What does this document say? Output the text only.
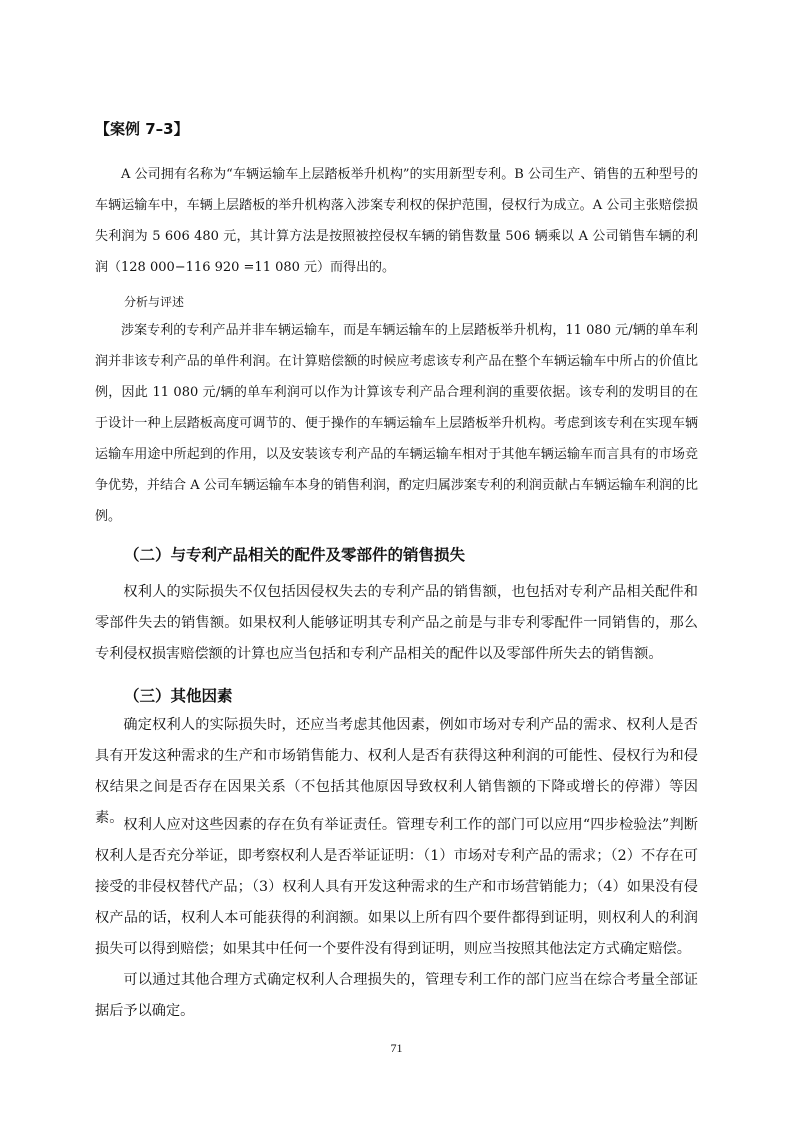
【案例 7–3】

A 公司拥有名称为“车辆运输车上层踏板举升机构”的实用新型专利。B 公司生产、销售的五种型号的车辆运输车中，车辆上层踏板的举升机构落入涉案专利权的保护范围，侵权行为成立。A 公司主张赔偿损失利润为 5 606 480 元，其计算方法是按照被控侵权车辆的销售数量 506 辆乘以 A 公司销售车辆的利润（128 000−116 920 =11 080 元）而得出的。

分析与评述

涉案专利的专利产品并非车辆运输车，而是车辆运输车的上层踏板举升机构，11 080 元/辆的单车利润并非该专利产品的单件利润。在计算赔偿额的时候应考虑该专利产品在整个车辆运输车中所占的价值比例，因此 11 080 元/辆的单车利润可以作为计算该专利产品合理利润的重要依据。该专利的发明目的在于设计一种上层踏板高度可调节的、便于操作的车辆运输车上层踏板举升机构。考虑到该专利在实现车辆运输车用途中所起到的作用，以及安装该专利产品的车辆运输车相对于其他车辆运输车而言具有的市场竞争优势，并结合 A 公司车辆运输车本身的销售利润，酌定归属涉案专利的利润贡献占车辆运输车利润的比例。

（二）与专利产品相关的配件及零部件的销售损失

权利人的实际损失不仅包括因侵权失去的专利产品的销售额，也包括对专利产品相关配件和零部件失去的销售额。如果权利人能够证明其专利产品之前是与非专利零配件一同销售的，那么专利侵权损害赔偿额的计算也应当包括和专利产品相关的配件以及零部件所失去的销售额。

（三）其他因素

确定权利人的实际损失时，还应当考虑其他因素，例如市场对专利产品的需求、权利人是否具有开发这种需求的生产和市场销售能力、权利人是否有获得这种利润的可能性、侵权行为和侵权结果之间是否存在因果关系（不包括其他原因导致权利人销售额的下降或增长的停滞）等因素。 权利人应对这些因素的存在负有举证责任。管理专利工作的部门可以应用“四步检验法”判断权利人是否充分举证，即考察权利人是否举证证明：（1）市场对专利产品的需求；（2）不存在可接受的非侵权替代产品；（3）权利人具有开发这种需求的生产和市场营销能力；（4）如果没有侵权产品的话，权利人本可能获得的利润额。如果以上所有四个要件都得到证明，则权利人的利润损失可以得到赔偿；如果其中任何一个要件没有得到证明，则应当按照其他法定方式确定赔偿。

可以通过其他合理方式确定权利人合理损失的，管理专利工作的部门应当在综合考量全部证据后予以确定。

71
